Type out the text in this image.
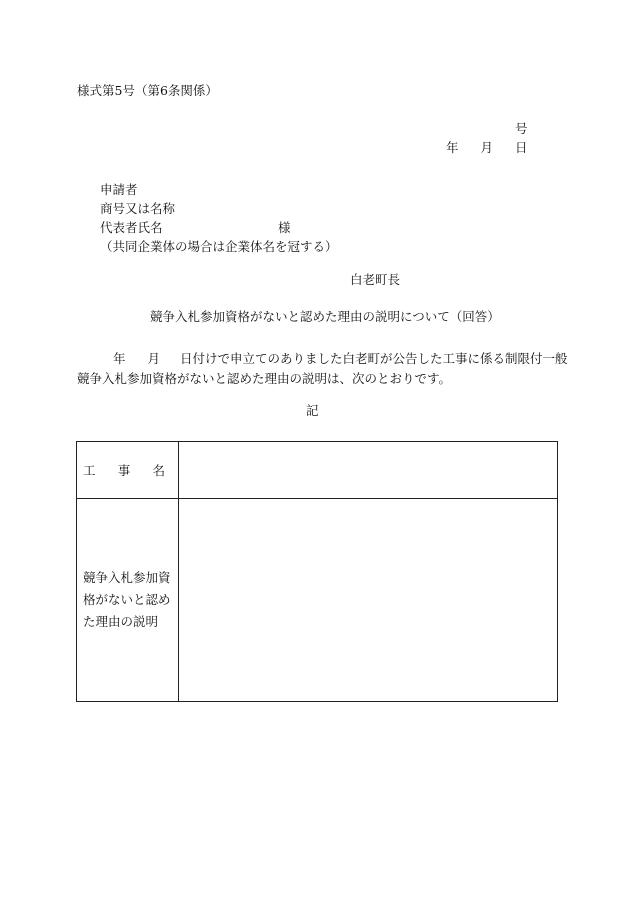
様式第5号（第6条関係）
号
年 月 日
申請者
商号又は名称
代表者氏名	様
（共同企業体の場合は企業体名を冠する）
白老町長
競争入札参加資格がないと認めた理由の説明について（回答）
年 月 日付けで申立てのありました白老町が公告した工事に係る制限付一般
競争入札参加資格がないと認めた理由の説明は、次のとおりです。
記
工 事 名	

競争入札参加資格がないと認めた理由の説明	
